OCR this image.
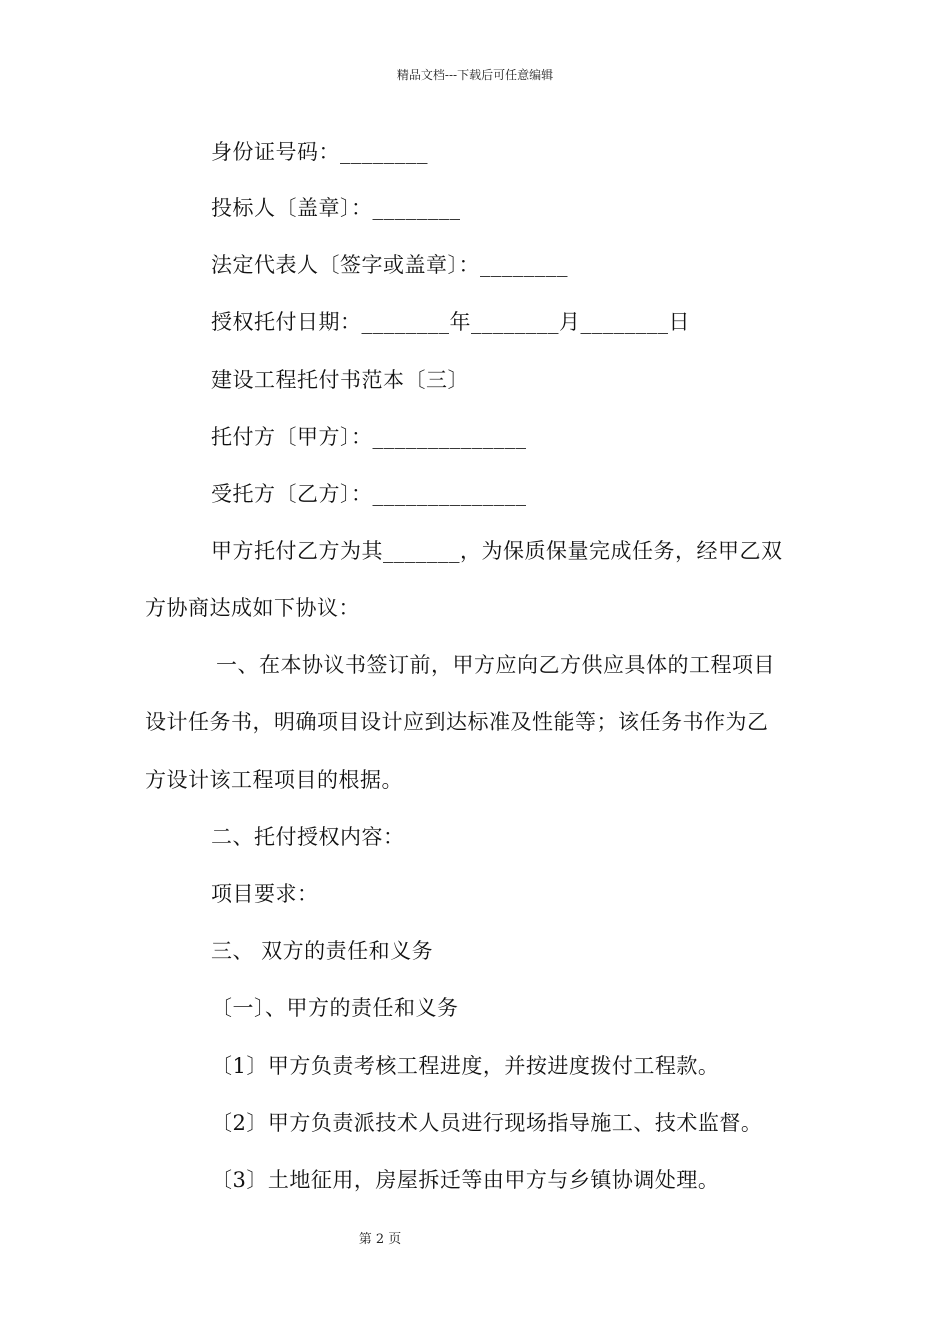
精品文档---下载后可任意编辑
身份证号码：________
投标人〔盖章〕：________
法定代表人〔签字或盖章〕：________
授权托付日期：________年________月________日
建设工程托付书范本〔三〕
托付方〔甲方〕：______________
受托方〔乙方〕：______________
甲方托付乙方为其_______，为保质保量完成任务，经甲乙双
方协商达成如下协议：
一、在本协议书签订前，甲方应向乙方供应具体的工程项目
设计任务书，明确项目设计应到达标准及性能等；该任务书作为乙
方设计该工程项目的根据。
二、托付授权内容：
项目要求：
三、 双方的责任和义务
〔一〕、甲方的责任和义务
〔1〕甲方负责考核工程进度，并按进度拨付工程款。
〔2〕甲方负责派技术人员进行现场指导施工、技术监督。
〔3〕土地征用，房屋拆迁等由甲方与乡镇协调处理。
第 2 页
